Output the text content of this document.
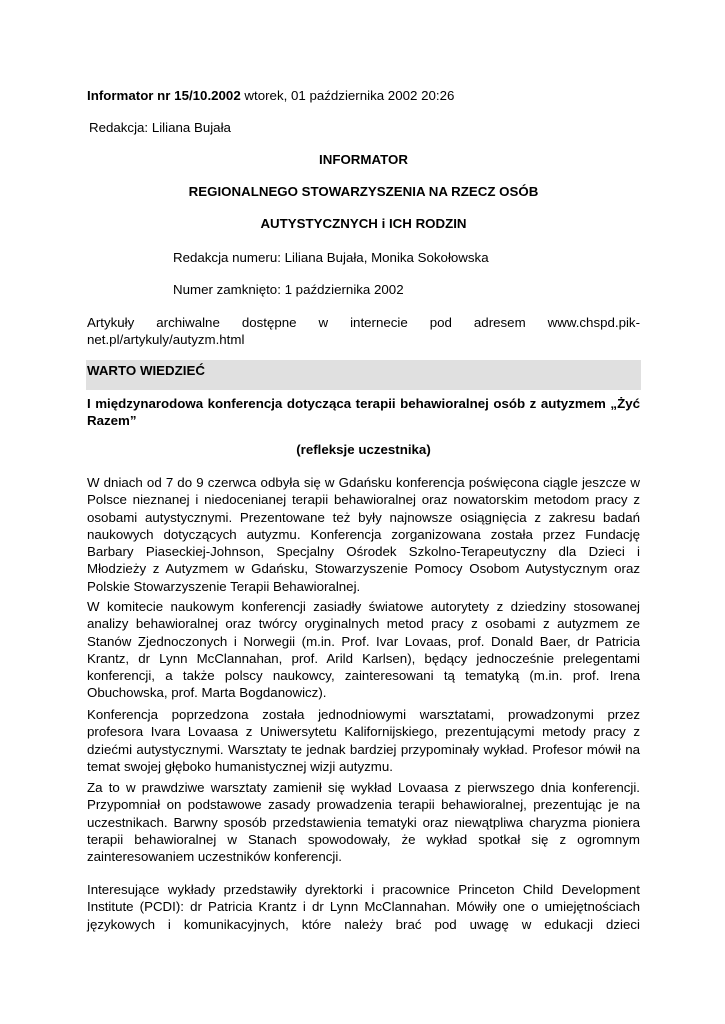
Informator nr 15/10.2002 wtorek, 01 października 2002 20:26
Redakcja: Liliana Bujała
INFORMATOR
REGIONALNEGO STOWARZYSZENIA NA RZECZ OSÓB
AUTYSTYCZNYCH i ICH RODZIN
Redakcja numeru: Liliana Bujała, Monika Sokołowska
Numer zamknięto: 1 października 2002
Artykuły archiwalne dostępne w internecie pod adresem www.chspd.pik-
net.pl/artykuly/autyzm.html
WARTO WIEDZIEĆ
I międzynarodowa konferencja dotycząca terapii behawioralnej osób z autyzmem „Żyć
Razem”
(refleksje uczestnika)
W dniach od 7 do 9 czerwca odbyła się w Gdańsku konferencja poświęcona ciągle jeszcze w
Polsce nieznanej i niedocenianej terapii behawioralnej oraz nowatorskim metodom pracy z
osobami autystycznymi. Prezentowane też były najnowsze osiągnięcia z zakresu badań
naukowych dotyczących autyzmu. Konferencja zorganizowana została przez Fundację
Barbary Piaseckiej-Johnson, Specjalny Ośrodek Szkolno-Terapeutyczny dla Dzieci i
Młodzieży z Autyzmem w Gdańsku, Stowarzyszenie Pomocy Osobom Autystycznym oraz
Polskie Stowarzyszenie Terapii Behawioralnej.
W komitecie naukowym konferencji zasiadły światowe autorytety z dziedziny stosowanej
analizy behawioralnej oraz twórcy oryginalnych metod pracy z osobami z autyzmem ze
Stanów Zjednoczonych i Norwegii (m.in. Prof. Ivar Lovaas, prof. Donald Baer, dr Patricia
Krantz, dr Lynn McClannahan, prof. Arild Karlsen), będący jednocześnie prelegentami
konferencji, a także polscy naukowcy, zainteresowani tą tematyką (m.in. prof. Irena
Obuchowska, prof. Marta Bogdanowicz).
Konferencja poprzedzona została jednodniowymi warsztatami, prowadzonymi przez
profesora Ivara Lovaasa z Uniwersytetu Kalifornijskiego, prezentującymi metody pracy z
dziećmi autystycznymi. Warsztaty te jednak bardziej przypominały wykład. Profesor mówił na
temat swojej głęboko humanistycznej wizji autyzmu.
Za to w prawdziwe warsztaty zamienił się wykład Lovaasa z pierwszego dnia konferencji.
Przypomniał on podstawowe zasady prowadzenia terapii behawioralnej, prezentując je na
uczestnikach. Barwny sposób przedstawienia tematyki oraz niewątpliwa charyzma pioniera
terapii behawioralnej w Stanach spowodowały, że wykład spotkał się z ogromnym
zainteresowaniem uczestników konferencji.
Interesujące wykłady przedstawiły dyrektorki i pracownice Princeton Child Development
Institute (PCDI): dr Patricia Krantz i dr Lynn McClannahan. Mówiły one o umiejętnościach
językowych i komunikacyjnych, które należy brać pod uwagę w edukacji dzieci
